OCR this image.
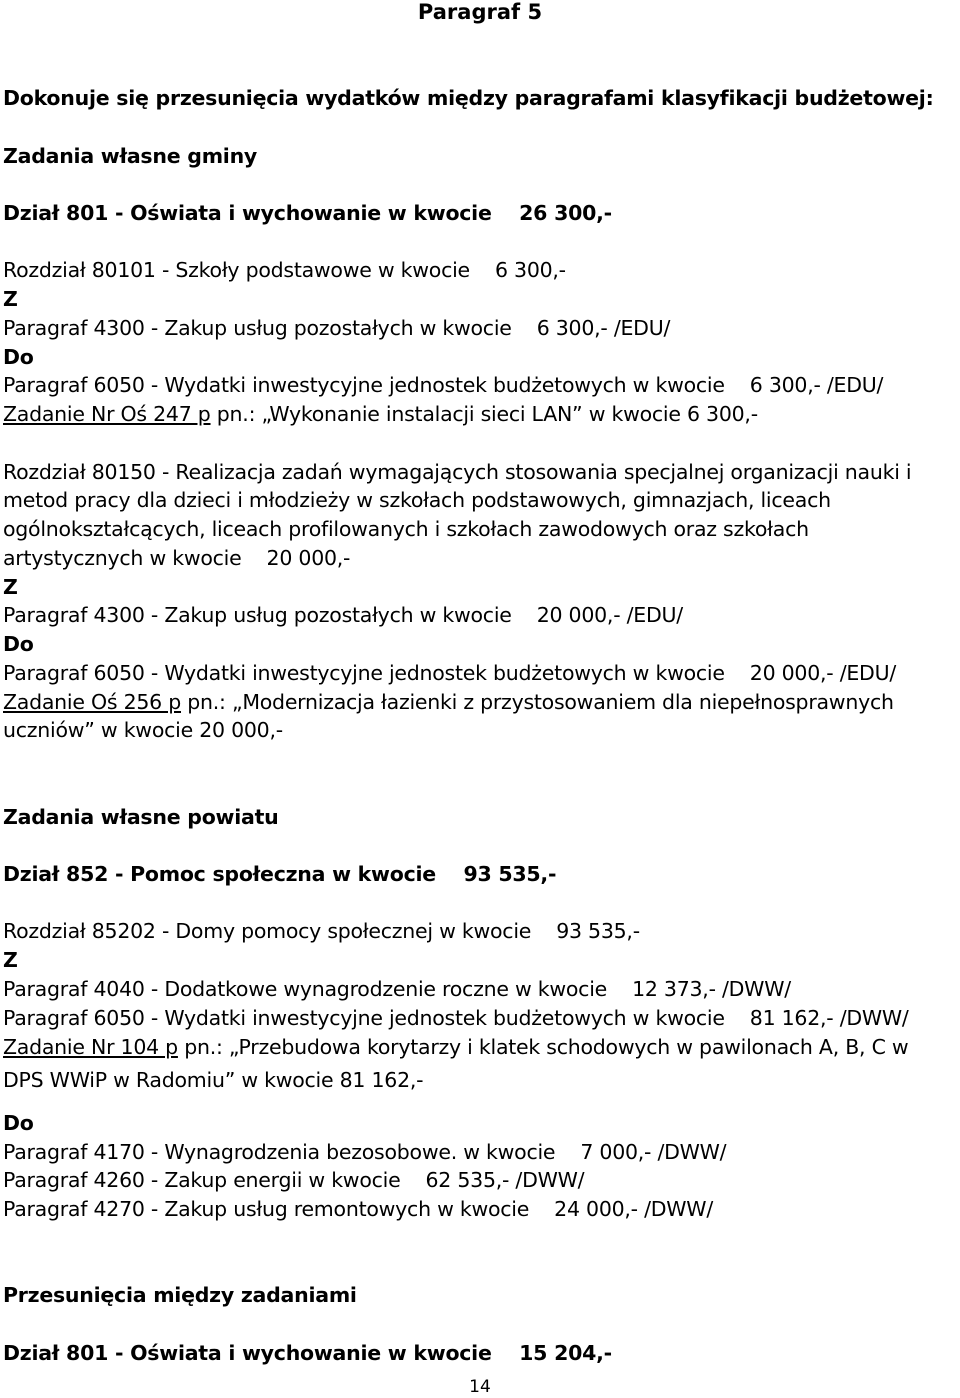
Paragraf 5
Dokonuje się przesunięcia wydatków między paragrafami klasyfikacji budżetowej:
Zadania własne gminy
Dział 801 - Oświata i wychowanie w kwocie    26 300,-
Rozdział 80101 - Szkoły podstawowe w kwocie    6 300,-
Z
Paragraf 4300 - Zakup usług pozostałych w kwocie    6 300,- /EDU/
Do
Paragraf 6050 - Wydatki inwestycyjne jednostek budżetowych w kwocie    6 300,- /EDU/
Zadanie Nr Oś 247 p pn.: „Wykonanie instalacji sieci LAN” w kwocie 6 300,-
Rozdział 80150 - Realizacja zadań wymagających stosowania specjalnej organizacji nauki i
metod pracy dla dzieci i młodzieży w szkołach podstawowych, gimnazjach, liceach
ogólnokształcących, liceach profilowanych i szkołach zawodowych oraz szkołach
artystycznych w kwocie    20 000,-
Z
Paragraf 4300 - Zakup usług pozostałych w kwocie    20 000,- /EDU/
Do
Paragraf 6050 - Wydatki inwestycyjne jednostek budżetowych w kwocie    20 000,- /EDU/
Zadanie Oś 256 p pn.: „Modernizacja łazienki z przystosowaniem dla niepełnosprawnych
uczniów” w kwocie 20 000,-
Zadania własne powiatu
Dział 852 - Pomoc społeczna w kwocie    93 535,-
Rozdział 85202 - Domy pomocy społecznej w kwocie    93 535,-
Z
Paragraf 4040 - Dodatkowe wynagrodzenie roczne w kwocie    12 373,- /DWW/
Paragraf 6050 - Wydatki inwestycyjne jednostek budżetowych w kwocie    81 162,- /DWW/
Zadanie Nr 104 p pn.: „Przebudowa korytarzy i klatek schodowych w pawilonach A, B, C w
DPS WWiP w Radomiu” w kwocie 81 162,-
Do
Paragraf 4170 - Wynagrodzenia bezosobowe. w kwocie    7 000,- /DWW/
Paragraf 4260 - Zakup energii w kwocie    62 535,- /DWW/
Paragraf 4270 - Zakup usług remontowych w kwocie    24 000,- /DWW/
Przesunięcia między zadaniami
Dział 801 - Oświata i wychowanie w kwocie    15 204,-
14
